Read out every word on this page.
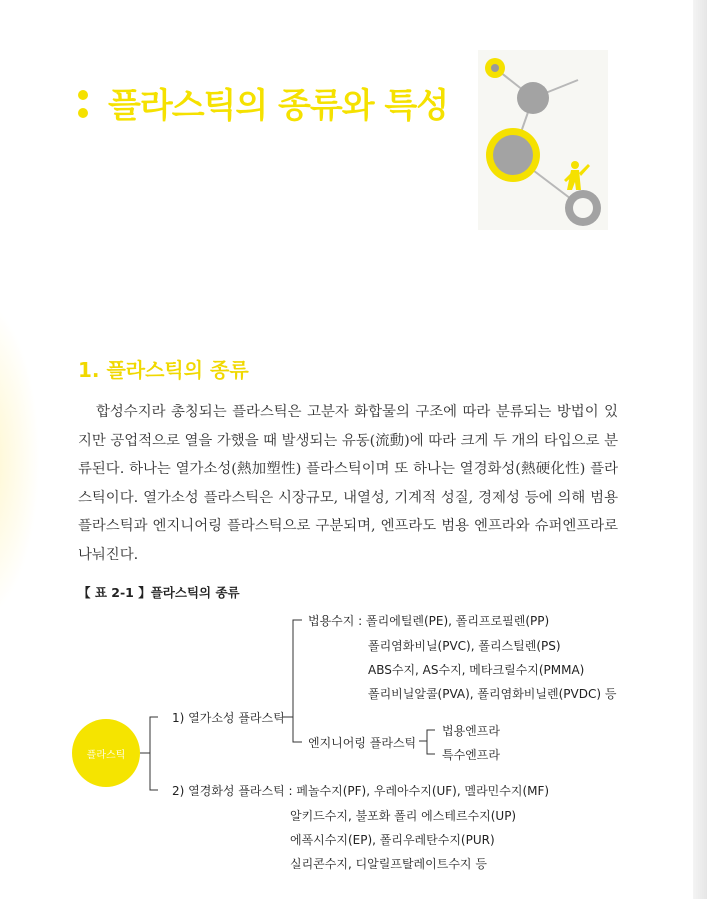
플라스틱의 종류와 특성
1. 플라스틱의 종류

합성수지라 총칭되는 플라스틱은 고분자 화합물의 구조에 따라 분류되는 방법이 있지만 공업적으로 열을 가했을 때 발생되는 유동(流動)에 따라 크게 두 개의 타입으로 분류된다. 하나는 열가소성(熱加塑性) 플라스틱이며 또 하나는 열경화성(熱硬化性) 플라스틱이다. 열가소성 플라스틱은 시장규모, 내열성, 기계적 성질, 경제성 등에 의해 범용 플라스틱과 엔지니어링 플라스틱으로 구분되며, 엔프라도 범용 엔프라와 슈퍼엔프라로 나눠진다.

【 표 2-1 】플라스틱의 종류
플라스틱
1) 열가소성 플라스틱
법용수지 : 폴리에틸렌(PE), 폴리프로필렌(PP)
폴리염화비닐(PVC), 폴리스틸렌(PS)
ABS수지, AS수지, 메타크릴수지(PMMA)
폴리비닐알콜(PVA), 폴리염화비닐렌(PVDC) 등
엔지니어링 플라스틱
법용엔프라
특수엔프라
2) 열경화성 플라스틱 : 페놀수지(PF), 우레아수지(UF), 멜라민수지(MF)
알키드수지, 불포화 폴리 에스테르수지(UP)
에폭시수지(EP), 폴리우레탄수지(PUR)
실리콘수지, 디알릴프탈레이트수지 등
